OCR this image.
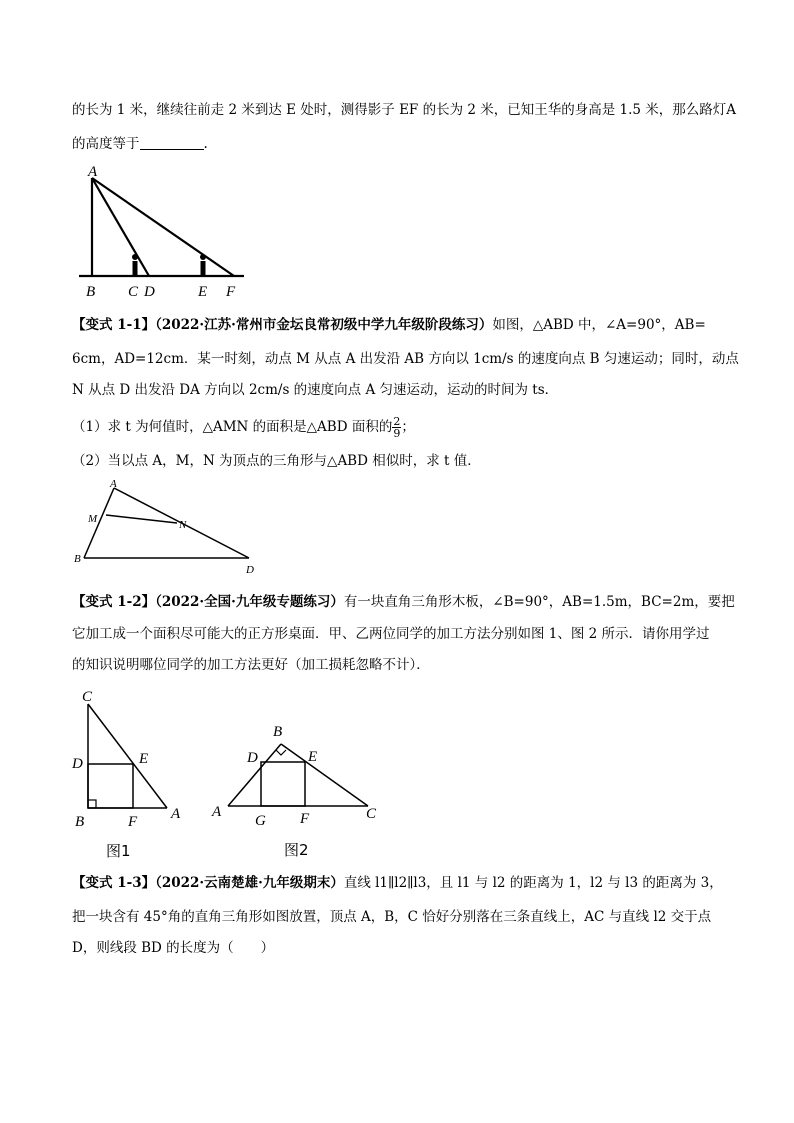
的长为 1 米，继续往前走 2 米到达 E 处时，测得影子 EF 的长为 2 米，已知王华的身高是 1.5 米，那么路灯A
的高度等于	.
A
B C D	E F
【变式 1-1】（2022·江苏·常州市金坛良常初级中学九年级阶段练习）如图，△ABD 中，∠A=90°，AB=
6cm，AD=12cm．某一时刻，动点 M 从点 A 出发沿 AB 方向以 1cm/s 的速度向点 B 匀速运动；同时，动点
N 从点 D 出发沿 DA 方向以 2cm/s 的速度向点 A 匀速运动，运动的时间为 ts．
（1）求 t 为何值时，△AMN 的面积是△ABD 面积的 $\frac{2}{9}$ ；
（2）当以点 A，M，N 为顶点的三角形与△ABD 相似时，求 t 值．
A
M	N
B
D
【变式 1-2】（2022·全国·九年级专题练习）有一块直角三角形木板，∠B=90°，AB=1.5m，BC=2m，要把
它加工成一个面积尽可能大的正方形桌面．甲、乙两位同学的加工方法分别如图 1、图 2 所示．请你用学过
的知识说明哪位同学的加工方法更好（加工损耗忽略不计）．
C
D	E
B	F A
图1
B
D	E
A
G F	C
图2
【变式 1-3】（2022·云南楚雄·九年级期末）直线 l1∥l2∥l3，且 l1 与 l2 的距离为 1，l2 与 l3 的距离为 3，
把一块含有 45°角的直角三角形如图放置，顶点 A，B，C 恰好分别落在三条直线上，AC 与直线 l2 交于点
D，则线段 BD 的长度为（　　）
